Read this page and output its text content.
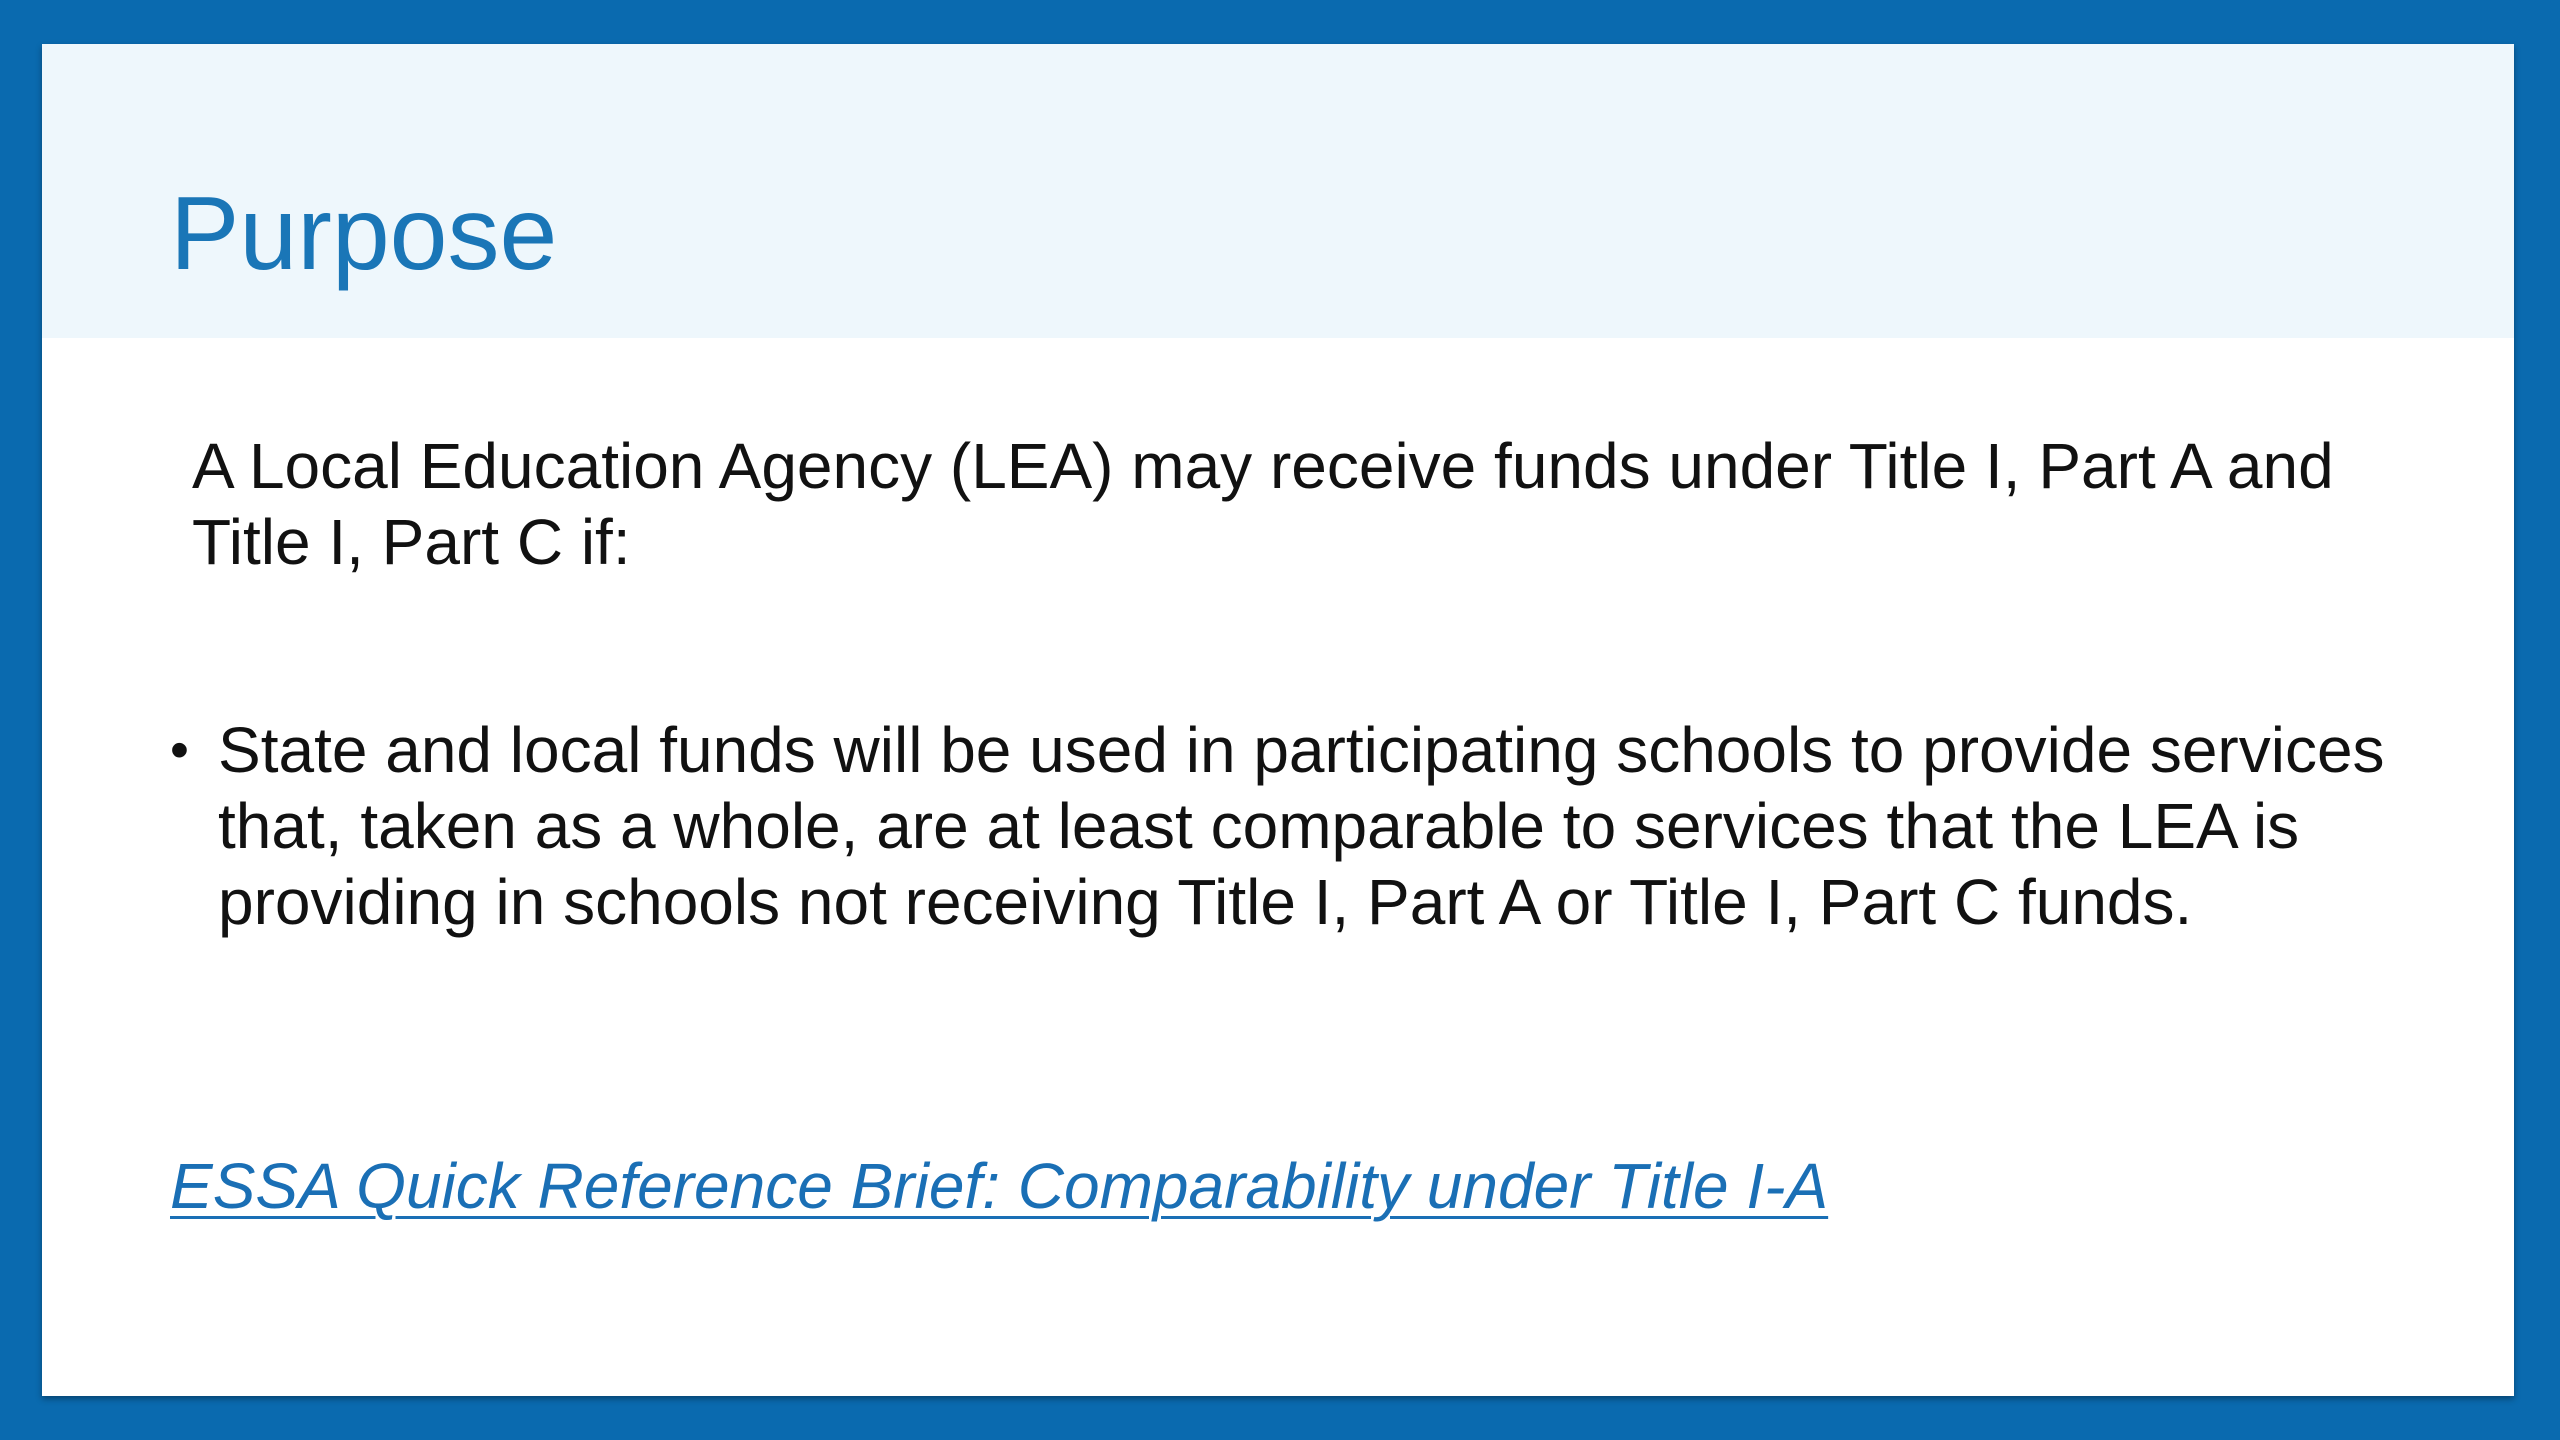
Purpose

A Local Education Agency (LEA) may receive funds under Title I, Part A and Title I, Part C if:

• State and local funds will be used in participating schools to provide services that, taken as a whole, are at least comparable to services that the LEA is providing in schools not receiving Title I, Part A or Title I, Part C funds.
ESSA Quick Reference Brief: Comparability under Title I-A
